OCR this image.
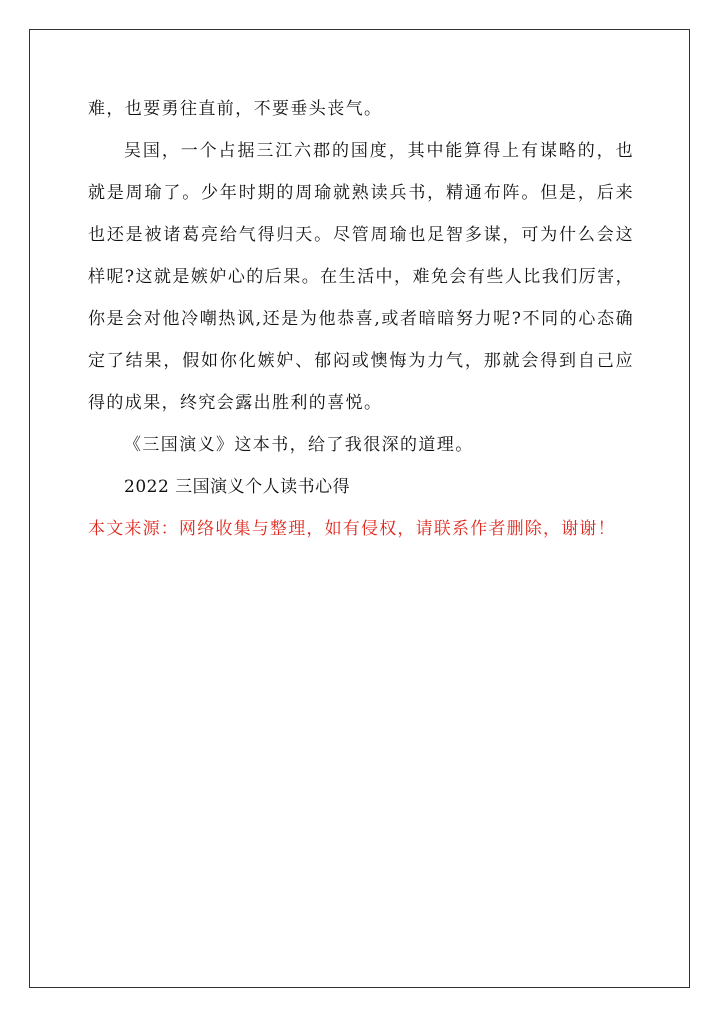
难，也要勇往直前，不要垂头丧气。

吴国，一个占据三江六郡的国度，其中能算得上有谋略的，也就是周瑜了。少年时期的周瑜就熟读兵书，精通布阵。但是，后来也还是被诸葛亮给气得归天。尽管周瑜也足智多谋，可为什么会这样呢?这就是嫉妒心的后果。在生活中，难免会有些人比我们厉害，你是会对他冷嘲热讽,还是为他恭喜,或者暗暗努力呢?不同的心态确定了结果，假如你化嫉妒、郁闷或懊悔为力气，那就会得到自己应得的成果，终究会露出胜利的喜悦。

《三国演义》这本书，给了我很深的道理。

2022 三国演义个人读书心得

本文来源：网络收集与整理，如有侵权，请联系作者删除，谢谢！
